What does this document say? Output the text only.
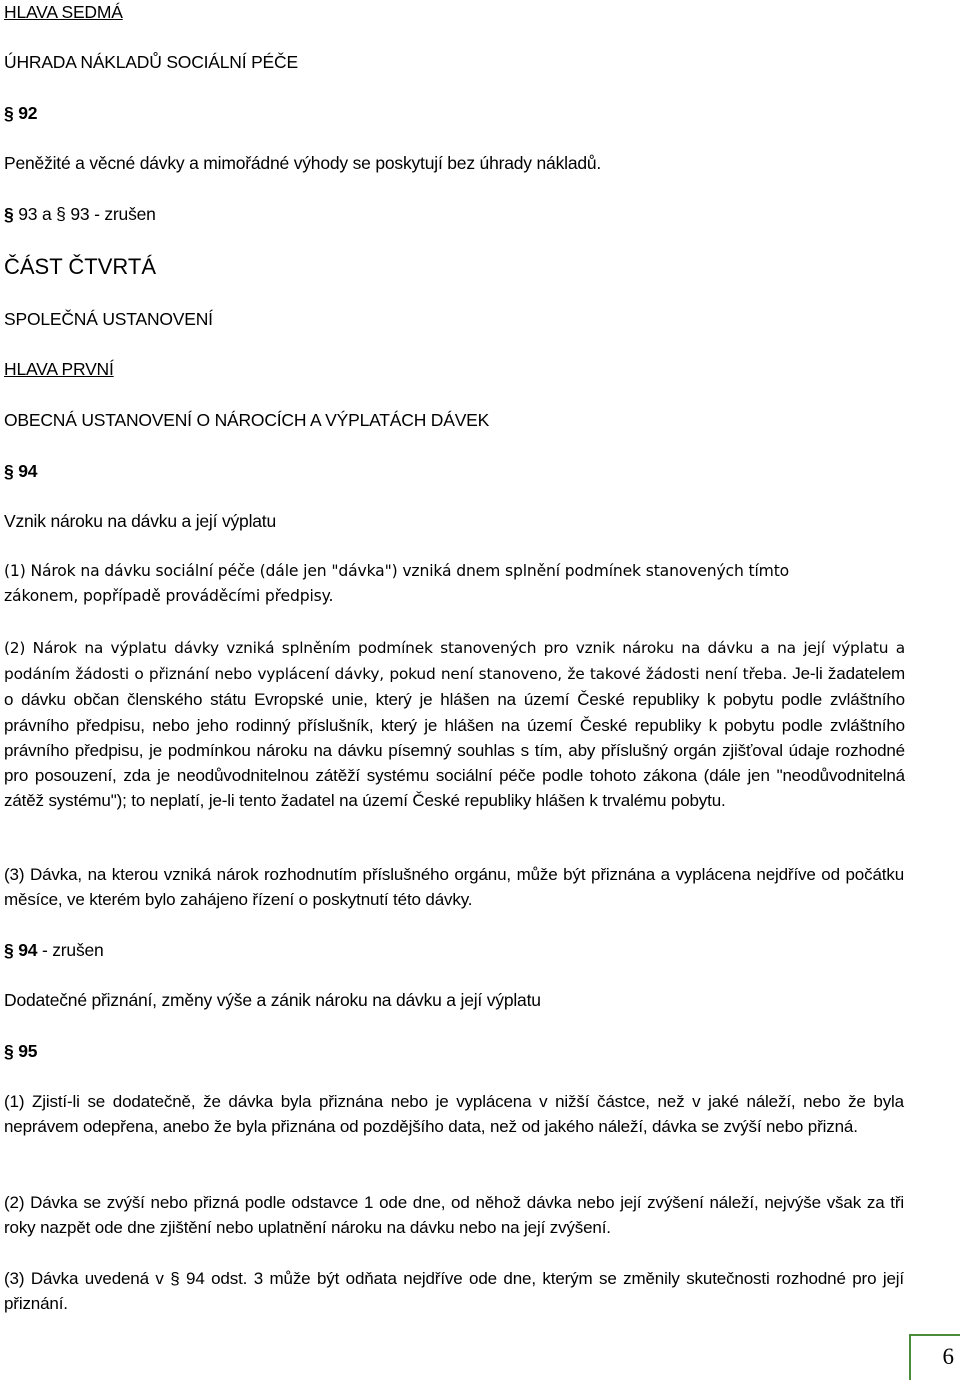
HLAVA SEDMÁ

ÚHRADA NÁKLADŮ SOCIÁLNÍ PÉČE

§ 92

Peněžité a věcné dávky a mimořádné výhody se poskytují bez úhrady nákladů.

§ 93 a § 93 - zrušen

ČÁST ČTVRTÁ

SPOLEČNÁ USTANOVENÍ

HLAVA PRVNÍ

OBECNÁ USTANOVENÍ O NÁROCÍCH A VÝPLATÁCH DÁVEK

§ 94

Vznik nároku na dávku a její výplatu

(1) Nárok na dávku sociální péče (dále jen "dávka") vzniká dnem splnění podmínek stanovených tímto

zákonem, popřípadě prováděcími předpisy.

(2) Nárok na výplatu dávky vzniká splněním podmínek stanovených pro vznik nároku na dávku a na její výplatu a podáním žádosti o přiznání nebo vyplácení dávky, pokud není stanoveno, že takové žádosti není třeba. Je-li žadatelem o dávku občan členského státu Evropské unie, který je hlášen na území České republiky k pobytu podle zvláštního právního předpisu, nebo jeho rodinný příslušník, který je hlášen na území České republiky k pobytu podle zvláštního právního předpisu, je podmínkou nároku na dávku písemný souhlas s tím, aby příslušný orgán zjišťoval údaje rozhodné pro posouzení, zda je neodůvodnitelnou zátěží systému sociální péče podle tohoto zákona (dále jen "neodůvodnitelná zátěž systému"); to neplatí, je-li tento žadatel na území České republiky hlášen k trvalému pobytu.

(3) Dávka, na kterou vzniká nárok rozhodnutím příslušného orgánu, může být přiznána a vyplácena nejdříve od počátku měsíce, ve kterém bylo zahájeno řízení o poskytnutí této dávky.

§ 94 - zrušen

Dodatečné přiznání, změny výše a zánik nároku na dávku a její výplatu

§ 95

(1) Zjistí-li se dodatečně, že dávka byla přiznána nebo je vyplácena v nižší částce, než v jaké náleží, nebo že byla neprávem odepřena, anebo že byla přiznána od pozdějšího data, než od jakého náleží, dávka se zvýší nebo přizná.

(2) Dávka se zvýší nebo přizná podle odstavce 1 ode dne, od něhož dávka nebo její zvýšení náleží, nejvýše však za tři roky nazpět ode dne zjištění nebo uplatnění nároku na dávku nebo na její zvýšení.

(3) Dávka uvedená v § 94 odst. 3 může být odňata nejdříve ode dne, kterým se změnily skutečnosti rozhodné pro její přiznání.

6
